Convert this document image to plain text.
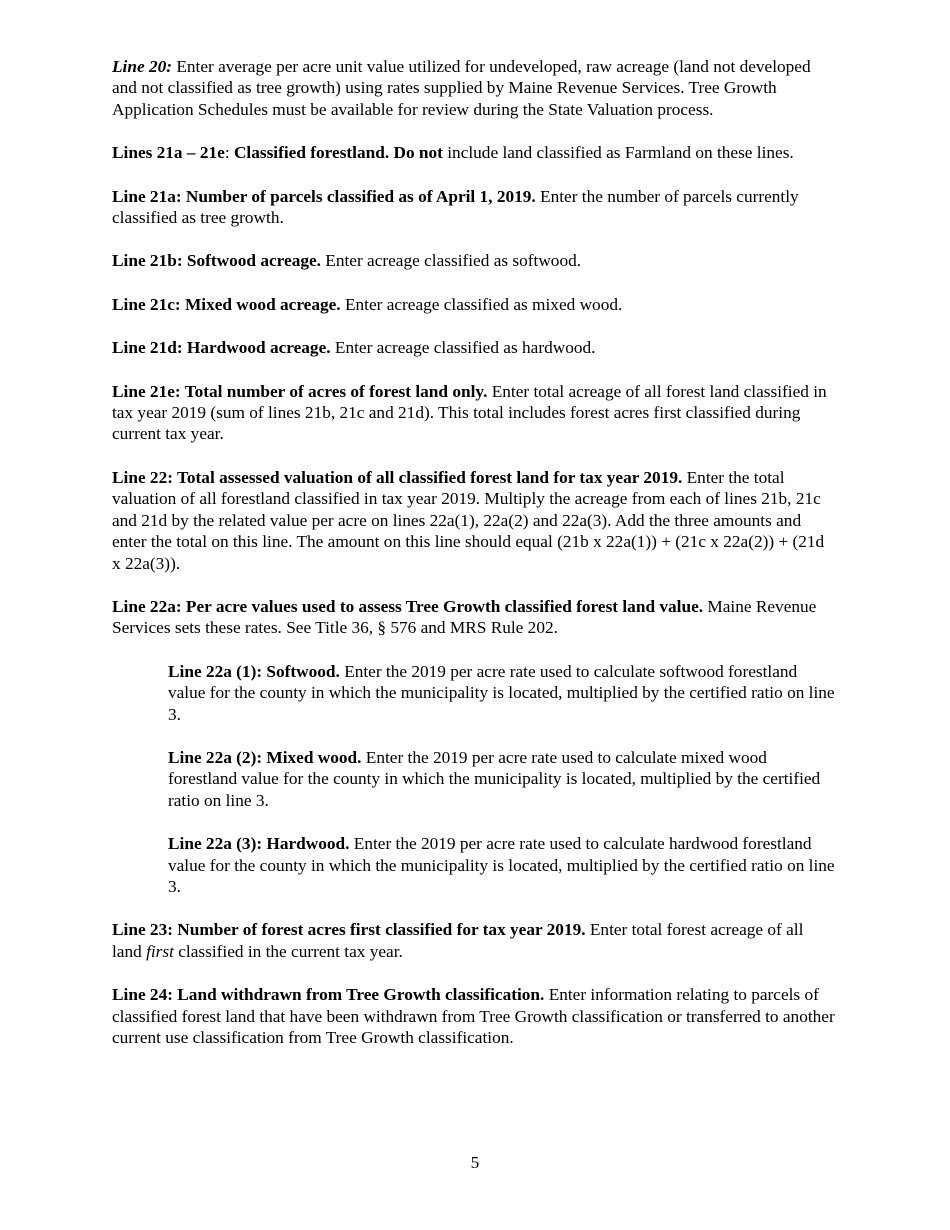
Line 20: Enter average per acre unit value utilized for undeveloped, raw acreage (land not developed and not classified as tree growth) using rates supplied by Maine Revenue Services. Tree Growth Application Schedules must be available for review during the State Valuation process.

Lines 21a – 21e: Classified forestland. Do not include land classified as Farmland on these lines.

Line 21a: Number of parcels classified as of April 1, 2019. Enter the number of parcels currently classified as tree growth.

Line 21b: Softwood acreage. Enter acreage classified as softwood.

Line 21c: Mixed wood acreage. Enter acreage classified as mixed wood.

Line 21d: Hardwood acreage. Enter acreage classified as hardwood.

Line 21e: Total number of acres of forest land only. Enter total acreage of all forest land classified in tax year 2019 (sum of lines 21b, 21c and 21d). This total includes forest acres first classified during current tax year.

Line 22: Total assessed valuation of all classified forest land for tax year 2019. Enter the total valuation of all forestland classified in tax year 2019. Multiply the acreage from each of lines 21b, 21c and 21d by the related value per acre on lines 22a(1), 22a(2) and 22a(3). Add the three amounts and enter the total on this line. The amount on this line should equal (21b x 22a(1)) + (21c x 22a(2)) + (21d x 22a(3)).

Line 22a: Per acre values used to assess Tree Growth classified forest land value. Maine Revenue Services sets these rates. See Title 36, § 576 and MRS Rule 202.

Line 22a (1): Softwood. Enter the 2019 per acre rate used to calculate softwood forestland value for the county in which the municipality is located, multiplied by the certified ratio on line 3.

Line 22a (2): Mixed wood. Enter the 2019 per acre rate used to calculate mixed wood forestland value for the county in which the municipality is located, multiplied by the certified ratio on line 3.

Line 22a (3): Hardwood. Enter the 2019 per acre rate used to calculate hardwood forestland value for the county in which the municipality is located, multiplied by the certified ratio on line 3.

Line 23: Number of forest acres first classified for tax year 2019. Enter total forest acreage of all land first classified in the current tax year.

Line 24: Land withdrawn from Tree Growth classification. Enter information relating to parcels of classified forest land that have been withdrawn from Tree Growth classification or transferred to another current use classification from Tree Growth classification.

5
